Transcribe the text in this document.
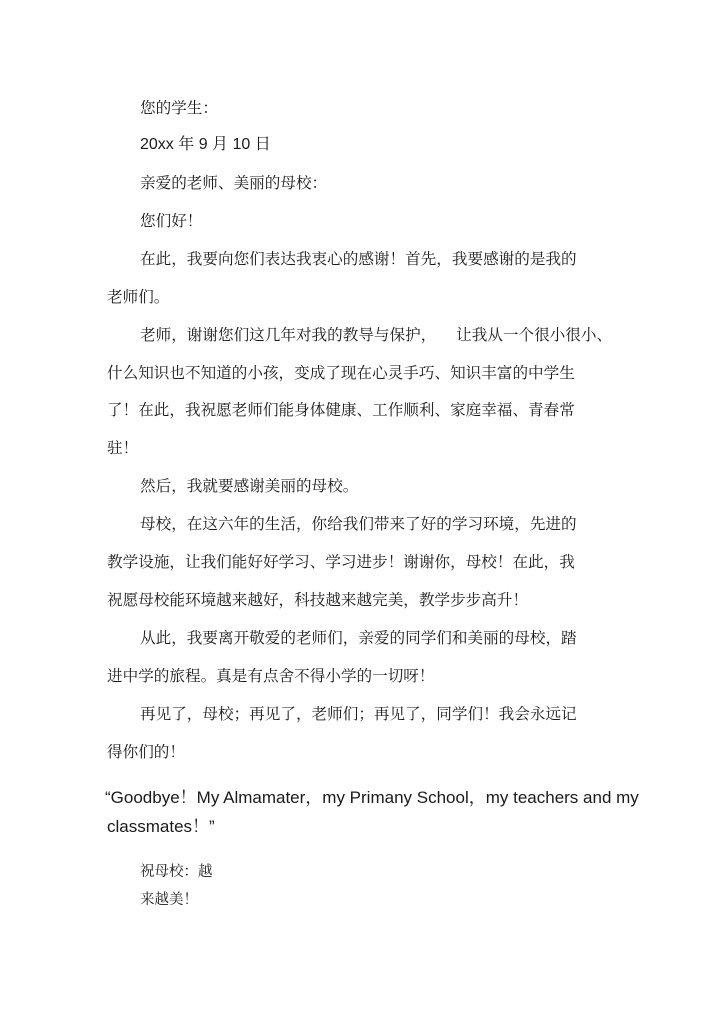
您的学生：
20xx 年 9 月 10 日
亲爱的老师、美丽的母校：
您们好！
在此，我要向您们表达我衷心的感谢！首先，我要感谢的是我的
老师们。
老师，谢谢您们这几年对我的教导与保护，    让我从一个很小很小、
什么知识也不知道的小孩，变成了现在心灵手巧、知识丰富的中学生
了！在此，我祝愿老师们能身体健康、工作顺利、家庭幸福、青春常
驻！
然后，我就要感谢美丽的母校。
母校，在这六年的生活，你给我们带来了好的学习环境，先进的
教学设施，让我们能好好学习、学习进步！谢谢你，母校！在此，我
祝愿母校能环境越来越好，科技越来越完美，教学步步高升！
从此，我要离开敬爱的老师们，亲爱的同学们和美丽的母校，踏
进中学的旅程。真是有点舍不得小学的一切呀！
再见了，母校；再见了，老师们；再见了，同学们！我会永远记
得你们的！
“Goodbye！My Almamater，my Primany School，my teachers and my
classmates！”
祝母校：越
来越美！
